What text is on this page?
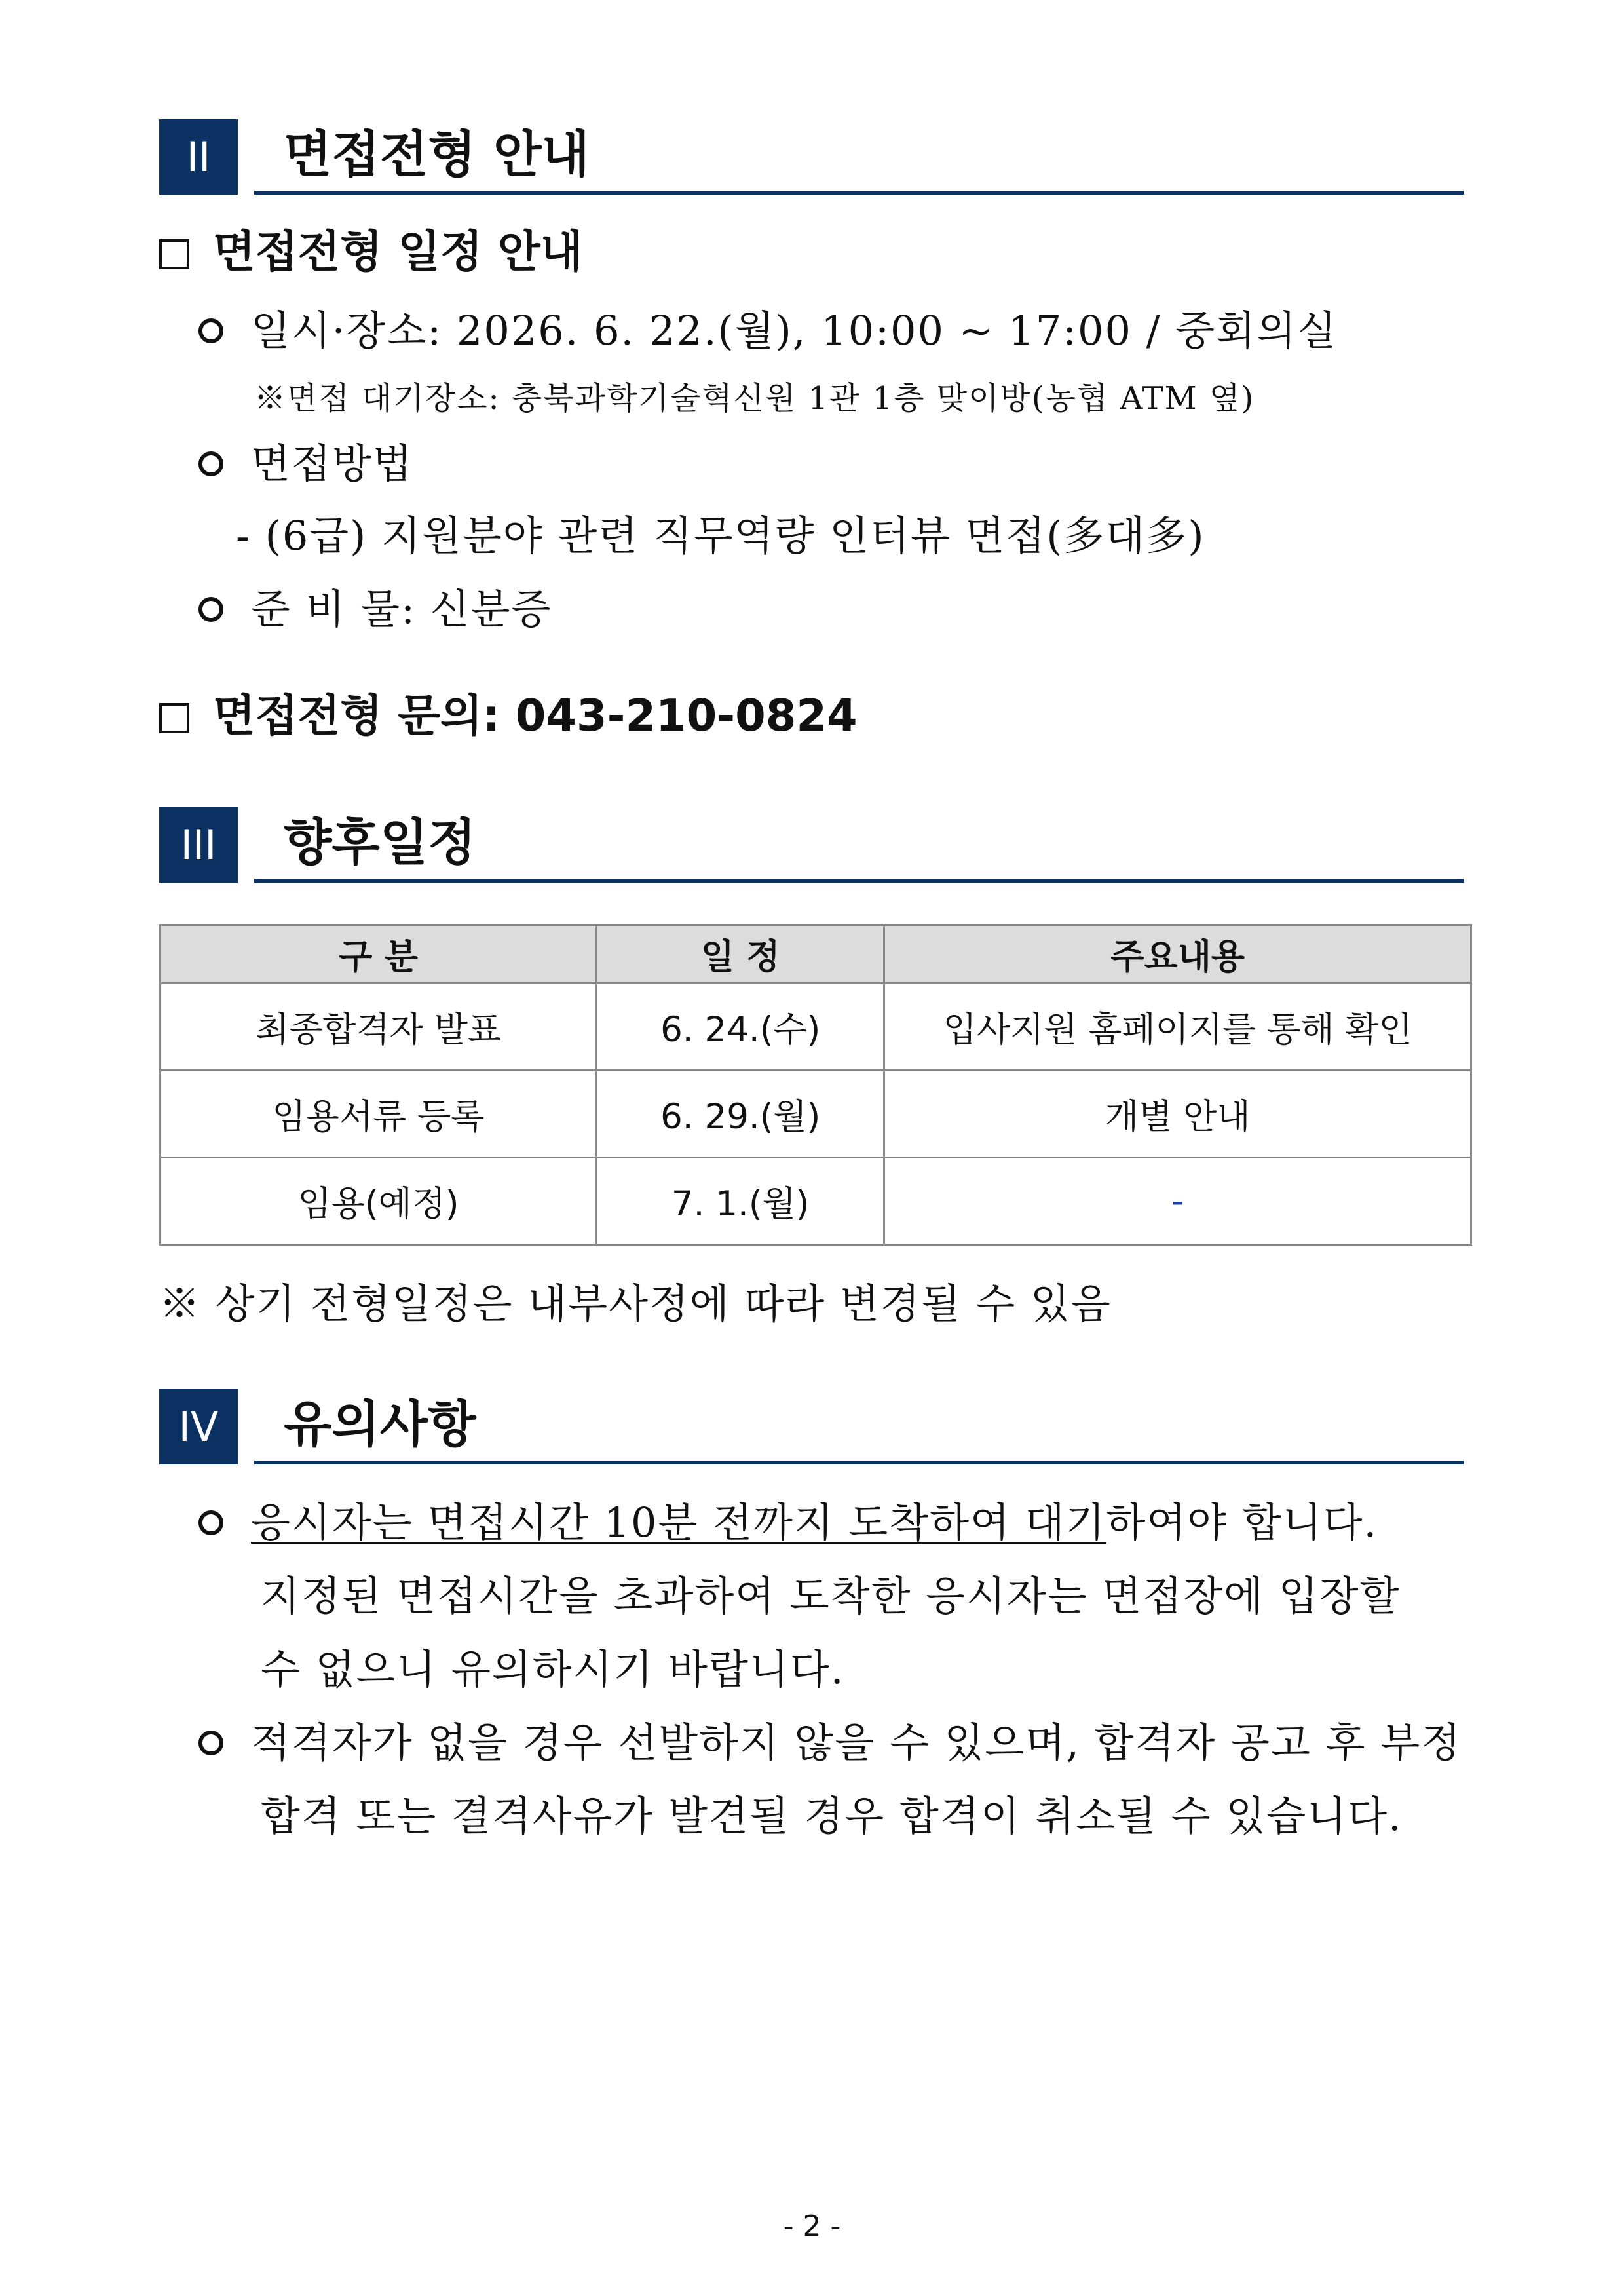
II	면접전형 안내
면접전형 일정 안내
일시·장소: 2026. 6. 22.(월), 10:00 ~ 17:00 / 중회의실
※면접 대기장소: 충북과학기술혁신원 1관 1층 맞이방(농협 ATM 옆)
면접방법
- (6급) 지원분야 관련 직무역량 인터뷰 면접(多대多)
준 비 물: 신분증
면접전형 문의: 043-210-0824
III	향후일정
구 분	일 정	주요내용
최종합격자 발표	6. 24.(수)	입사지원 홈페이지를 통해 확인
임용서류 등록	6. 29.(월)	개별 안내
임용(예정)	7. 1.(월)	-
※ 상기 전형일정은 내부사정에 따라 변경될 수 있음
IV	유의사항
응시자는 면접시간 10분 전까지 도착하여 대기하여야 합니다.
지정된 면접시간을 초과하여 도착한 응시자는 면접장에 입장할
수 없으니 유의하시기 바랍니다.
적격자가 없을 경우 선발하지 않을 수 있으며, 합격자 공고 후 부정
합격 또는 결격사유가 발견될 경우 합격이 취소될 수 있습니다.
- 2 -
